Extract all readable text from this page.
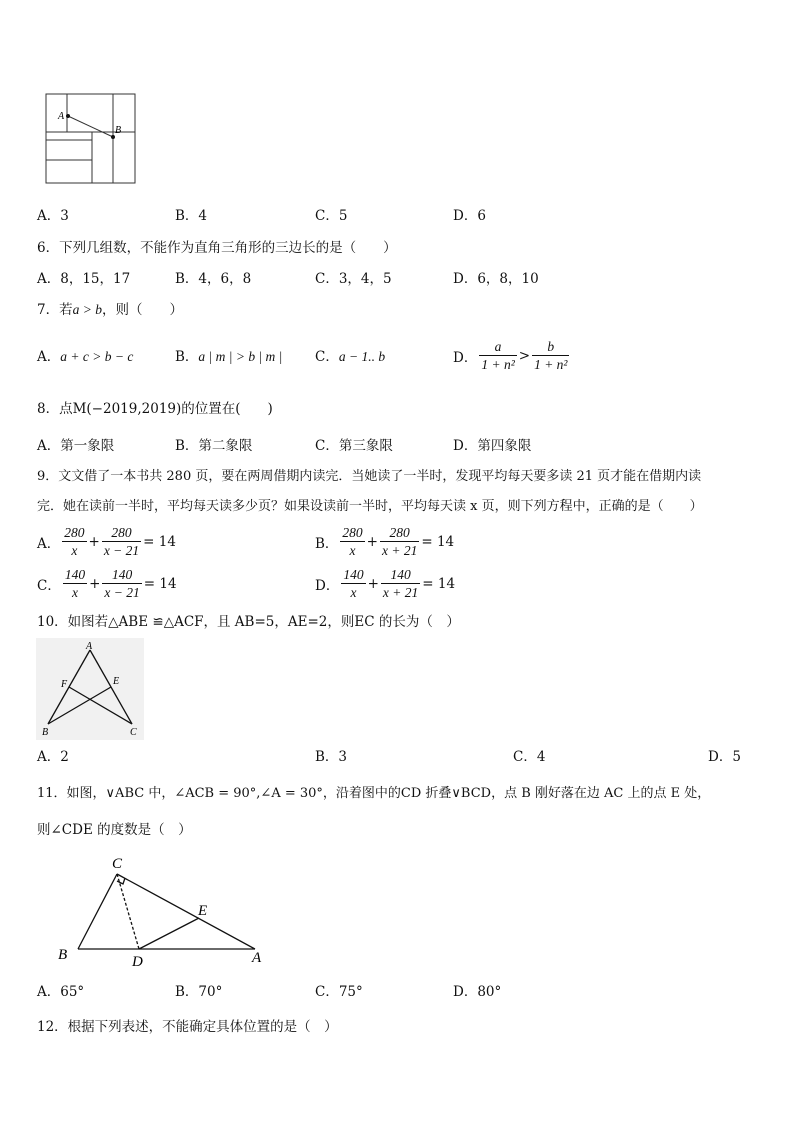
A
B
A．3	B．4	C．5	D．6
6．下列几组数，不能作为直角三角形的三边长的是（　　）
A．8，15，17	B．4，6，8	C．3，4，5	D．6，8，10
7．若a > b，则（　　）
A．a + c > b − c	B．a | m | > b | m | C．a − 1.. b	D．
a
1 + n²
>
b
1 + n²
8．点M(−2019,2019)的位置在(　　)
A．第一象限	B．第二象限	C．第三象限	D．第四象限
9．文文借了一本书共 280 页，要在两周借期内读完．当她读了一半时，发现平均每天要多读 21 页才能在借期内读
完．她在读前一半时，平均每天读多少页？如果设读前一半时，平均每天读 x 页，则下列方程中，正确的是（　　）
A．
280
x
+ $\frac{280}{x - 21} = 14$	B．
280
x
+ $\frac{280}{x + 21} = 14$
C．
140
x
+ $\frac{140}{x - 21} = 14$	D．
140
x
+ $\frac{140}{x + 21} = 14$
10．如图若△ABE ≌△ACF，且 AB=5，AE=2，则EC 的长为（　）
A
F	E
B	C
A．2	B．3	C．4	D．5
11．如图，∨ABC 中，∠ACB = 90°,∠A = 30°，沿着图中的CD 折叠∨BCD，点 B 刚好落在边 AC 上的点 E 处，
则∠CDE 的度数是（　）
C
E
B	D	A
A．65°	B．70°	C．75°	D．80°
12．根据下列表述，不能确定具体位置的是（　）
